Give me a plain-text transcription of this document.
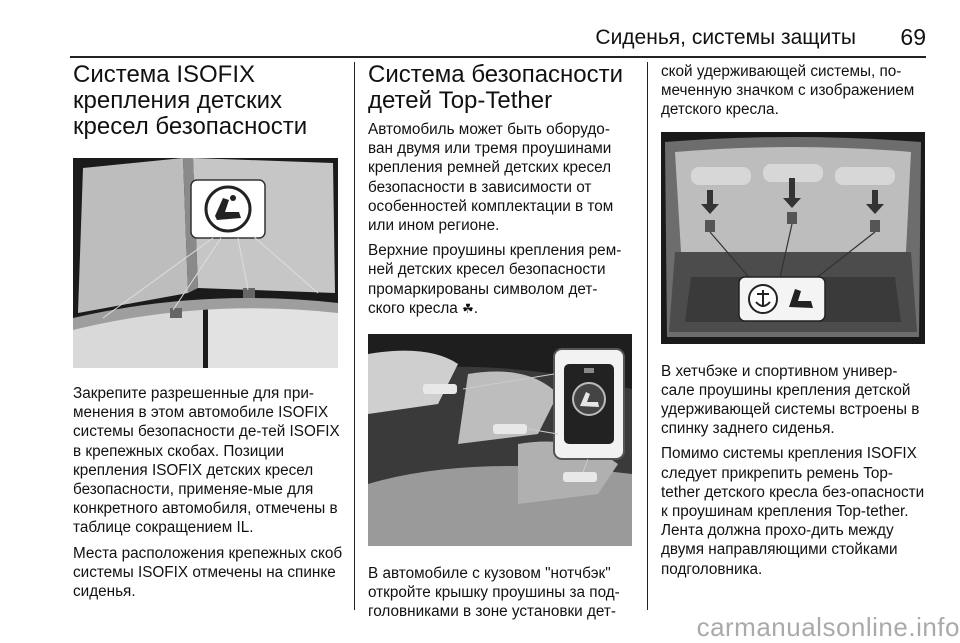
Сиденья, системы защиты 69
Система ISOFIX крепления детских кресел безопасности

Закрепите разрешенные для при-менения в этом автомобиле ISOFIX системы безопасности де-тей ISOFIX в крепежных скобах. Позиции крепления ISOFIX детских кресел безопасности, применяе-мые для конкретного автомобиля, отмечены в таблице сокращением IL.

Места расположения крепежных скоб системы ISOFIX отмечены на спинке сиденья.

Система безопасности детей Top-Tether

Автомобиль может быть оборудо-ван двумя или тремя проушинами крепления ремней детских кресел безопасности в зависимости от особенностей комплектации в том или ином регионе.

Верхние проушины крепления рем-ней детских кресел безопасности промаркированы символом дет-ского кресла ☘.

В автомобиле с кузовом "нотчбэк" откройте крышку проушины за под-головниками в зоне установки дет-

ской удерживающей системы, по-меченную значком с изображением детского кресла.

В хетчбэке и спортивном универ-сале проушины крепления детской удерживающей системы встроены в спинку заднего сиденья.

Помимо системы крепления ISOFIX следует прикрепить ремень Top-tether детского кресла без-опасности к проушинам крепления Top-tether. Лента должна прохо-дить между двумя направляющими стойками подголовника.

carmanualsonline.info
